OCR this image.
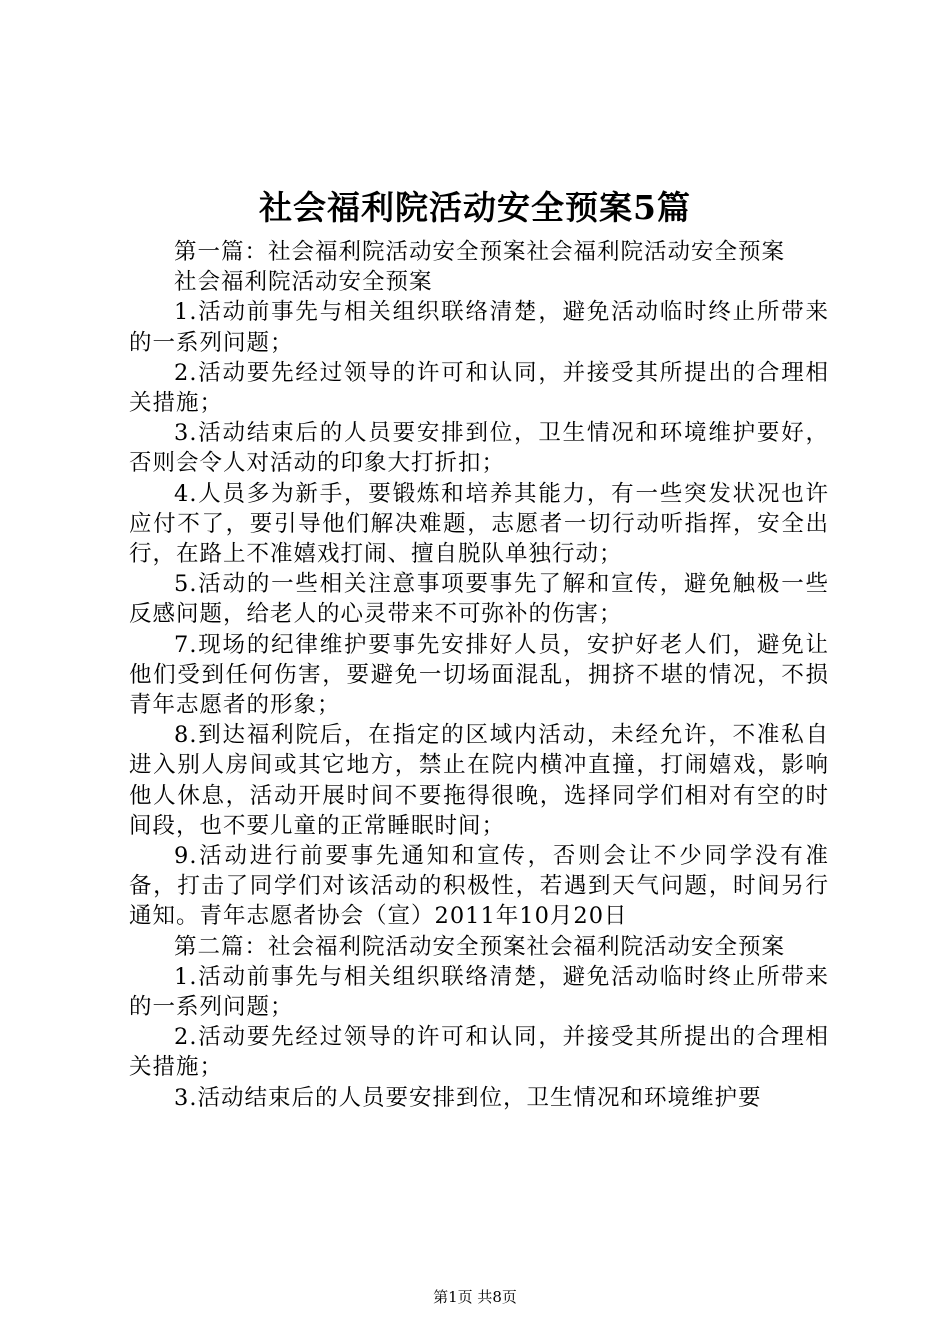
社会福利院活动安全预案5篇

第一篇：社会福利院活动安全预案社会福利院活动安全预案

社会福利院活动安全预案

1.活动前事先与相关组织联络清楚，避免活动临时终止所带来的一系列问题；

2.活动要先经过领导的许可和认同，并接受其所提出的合理相关措施；

3.活动结束后的人员要安排到位，卫生情况和环境维护要好，否则会令人对活动的印象大打折扣；

4.人员多为新手，要锻炼和培养其能力，有一些突发状况也许应付不了，要引导他们解决难题，志愿者一切行动听指挥，安全出行，在路上不准嬉戏打闹、擅自脱队单独行动；

5.活动的一些相关注意事项要事先了解和宣传，避免触极一些反感问题，给老人的心灵带来不可弥补的伤害；

7.现场的纪律维护要事先安排好人员，安护好老人们，避免让他们受到任何伤害，要避免一切场面混乱，拥挤不堪的情况，不损青年志愿者的形象；

8.到达福利院后，在指定的区域内活动，未经允许，不准私自进入别人房间或其它地方，禁止在院内横冲直撞，打闹嬉戏，影响他人休息，活动开展时间不要拖得很晚，选择同学们相对有空的时间段，也不要儿童的正常睡眠时间；

9.活动进行前要事先通知和宣传，否则会让不少同学没有准备，打击了同学们对该活动的积极性，若遇到天气问题，时间另行通知。青年志愿者协会（宣）2011年10月20日

第二篇：社会福利院活动安全预案社会福利院活动安全预案

1.活动前事先与相关组织联络清楚，避免活动临时终止所带来的一系列问题；

2.活动要先经过领导的许可和认同，并接受其所提出的合理相关措施；

3.活动结束后的人员要安排到位，卫生情况和环境维护要

第1页 共8页
